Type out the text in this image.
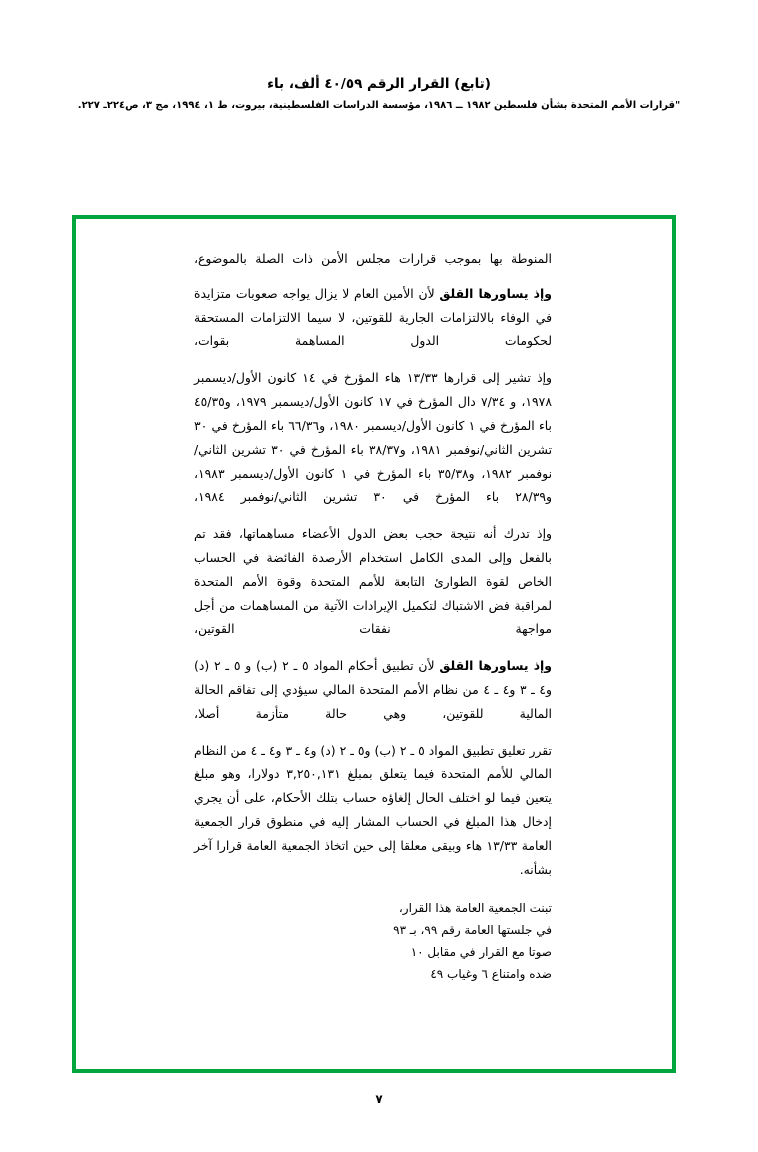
(تابع) القرار الرقم ٤٠/٥٩ ألف، باء
"قرارات الأمم المتحدة بشأن فلسطين ١٩٨٢ ــ ١٩٨٦، مؤسسة الدراسات الفلسطينية، بيروت، ط ١، ١٩٩٤، مج ٣، ص٢٢٤ـ ٢٢٧.

المنوطة بها بموجب قرارات مجلس الأمن ذات الصلة بالموضوع،

وإذ يساورها القلق لأن الأمين العام لا يزال يواجه صعوبات متزايدة في الوفاء بالالتزامات الجارية للقوتين، لا سيما الالتزامات المستحقة لحكومات الدول المساهمة بقوات،

وإذ تشير إلى قرارها ١٣/٣٣ هاء المؤرخ في ١٤ كانون الأول/ديسمبر ١٩٧٨، و ٧/٣٤ دال المؤرخ في ١٧ كانون الأول/ديسمبر ١٩٧٩، و٤٥/٣٥ باء المؤرخ في ١ كانون الأول/ديسمبر ١٩٨٠، و٦٦/٣٦ باء المؤرخ في ٣٠ تشرين الثاني/نوفمبر ١٩٨١، و٣٨/٣٧ باء المؤرخ في ٣٠ تشرين الثاني/نوفمبر ١٩٨٢، و٣٥/٣٨ باء المؤرخ في ١ كانون الأول/ديسمبر ١٩٨٣، و٢٨/٣٩ باء المؤرخ في ٣٠ تشرين الثاني/نوفمبر ١٩٨٤،

وإذ تدرك أنه نتيجة حجب بعض الدول الأعضاء مساهماتها، فقد تم بالفعل وإلى المدى الكامل استخدام الأرصدة الفائضة في الحساب الخاص لقوة الطوارئ التابعة للأمم المتحدة وقوة الأمم المتحدة لمراقبة فض الاشتباك لتكميل الإيرادات الآتية من المساهمات من أجل مواجهة نفقات القوتين،

وإذ يساورها القلق لأن تطبيق أحكام المواد ٥ ـ ٢ (ب) و ٥ ـ ٢ (د) و٤ ـ ٣ و٤ ـ ٤ من نظام الأمم المتحدة المالي سيؤدي إلى تفاقم الحالة المالية للقوتين، وهي حالة متأزمة أصلا،

تقرر تعليق تطبيق المواد ٥ ـ ٢ (ب) و٥ ـ ٢ (د) و٤ ـ ٣ و٤ ـ ٤ من النظام المالي للأمم المتحدة فيما يتعلق بمبلغ ٣,٢٥٠,١٣١ دولارا، وهو مبلغ يتعين فيما لو اختلف الحال إلغاؤه حساب بتلك الأحكام، على أن يجري إدخال هذا المبلغ في الحساب المشار إليه في منطوق قرار الجمعية العامة ١٣/٣٣ هاء وبيقى معلقا إلى حين اتخاذ الجمعية العامة قرارا آخر بشأنه.

تبنت الجمعية العامة هذا القرار،
في جلستها العامة رقم ٩٩، بـ ٩٣
صوتا مع القرار في مقابل ١٠
ضده وامتناع ٦ وغياب ٤٩
٧
